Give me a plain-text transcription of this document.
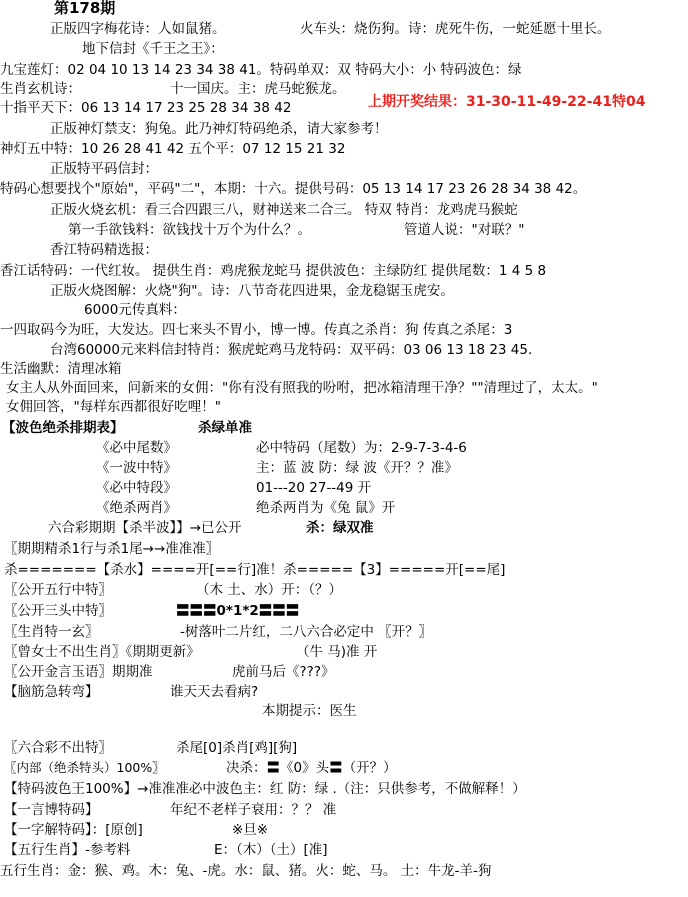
第178期
正版四字梅花诗：人如鼠猪。	火车头：烧伤狗。诗：虎死牛伤，一蛇延愿十里长。
地下信封《千王之王》：
九宝莲灯：02 04 10 13 14 23 34 38 41。特码单双：双 特码大小：小 特码波色：绿
生肖玄机诗：	十一国庆。主：虎马蛇猴龙。
十指平天下：06 13 14 17 23 25 28 34 38 42	上期开奖结果：31-30-11-49-22-41特04
正版神灯禁支：狗兔。此乃神灯特码绝杀，请大家参考！
神灯五中特：10 26 28 41 42 五个平：07 12 15 21 32
正版特平码信封：
特码心想要找个"原始"，平码"二"，本期：十六。提供号码：05 13 14 17 23 26 28 34 38 42。
正版火烧玄机：看三合四跟三八，财神送来二合三。 特双 特肖：龙鸡虎马猴蛇
第一手欲钱料：欲钱找十万个为什么？。	管道人说："对联？"
香江特码精选报：
香江话特码：一代红妆。 提供生肖：鸡虎猴龙蛇马 提供波色：主绿防红 提供尾数：1 4 5 8
正版火烧图解：火烧"狗"。诗：八节奇花四进果，金龙稳锯玉虎安。
6000元传真料：
一四取码今为旺，大发达。四七来头不胃小，博一博。传真之杀肖：狗 传真之杀尾：3
台湾60000元来料信封特肖：猴虎蛇鸡马龙特码：双平码：03 06 13 18 23 45.
生活幽默：清理冰箱
女主人从外面回来，问新来的女佣："你有没有照我的吩咐，把冰箱清理干净？""清理过了，太太。"
女佣回答，"每样东西都很好吃哩！"
【波色绝杀排期表】	杀绿单准
《必中尾数》	必中特码（尾数）为：2-9-7-3-4-6
《一波中特》	主：蓝 波 防：绿 波《开？？准》
《必中特段》	01---20 27--49 开
《绝杀两肖》	绝杀两肖为《兔 鼠》开
六合彩期期【杀半波】】→已公开	杀：绿双准
〖期期精杀1行与杀1尾→→准准准〗
杀=======【杀水】====开[==行]准！杀=====【3】=====开[==尾]
〖公开五行中特〗	（木 土、水）开：（？）
〖公开三头中特〗	〓〓〓0*1*2〓〓〓
〖生肖特一玄〗	-树落叶二片红，二八六合必定中 〖开？〗
〖曾女士不出生肖〗《期期更新》	（牛 马)准 开
〖公开金言玉语〗期期准	虎前马后《???》
【脑筋急转弯】	谁天天去看病?
本期提示：医生
〖六合彩不出特〗	杀尾[0]杀肖[鸡][狗]
〖内部（绝杀特头）100%〗	决杀：〓《0》头〓（开？）
【特码波色王100%】→准准准必中波色主：红 防：绿 .（注：只供参考，不做解释！）
【一言博特码】	年纪不老样子衰用：？？ 准
【一字解特码】：[原创]	※旦※
【五行生肖】-参考料	E：（木）（土）[准]
五行生肖：金：猴、鸡。木：兔、-虎。水：鼠、猪。火：蛇、马。 土：牛龙-羊-狗
